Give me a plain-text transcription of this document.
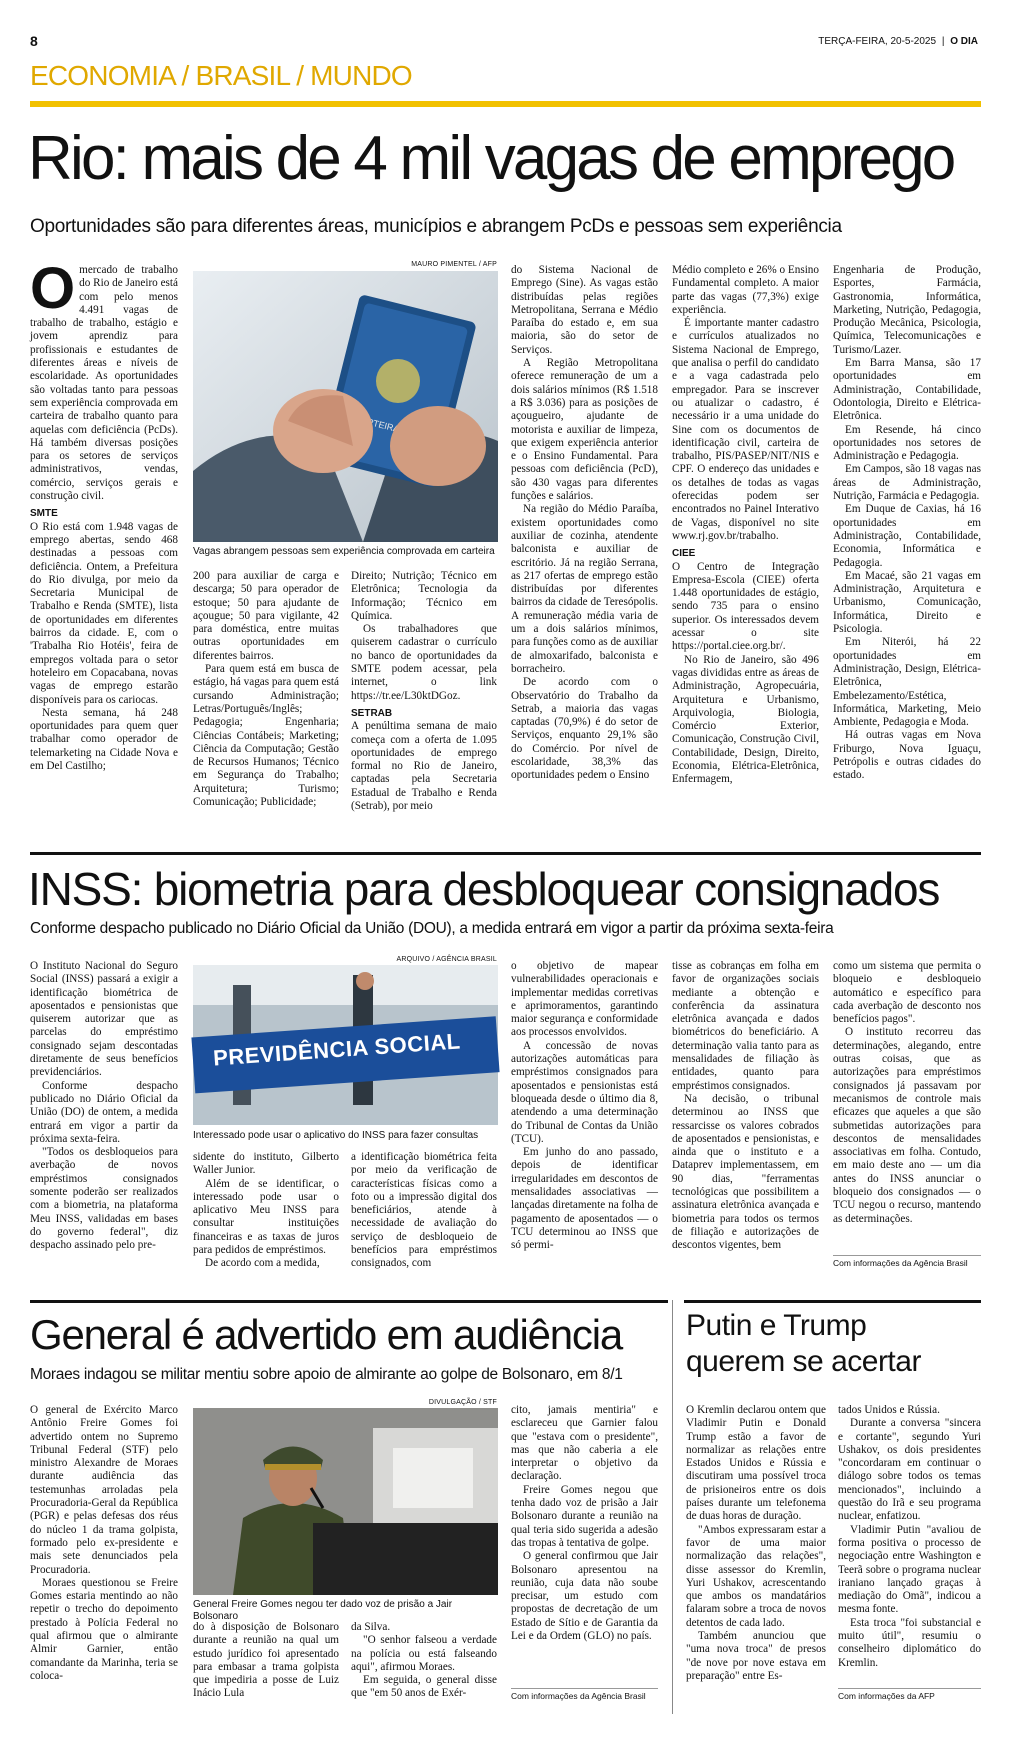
8	TERÇA-FEIRA, 20-5-2025 | O DIA
ECONOMIA / BRASIL / MUNDO
Rio: mais de 4 mil vagas de emprego
Oportunidades são para diferentes áreas, municípios e abrangem PcDs e pessoas sem experiência

Omercado de trabalho do Rio de Janeiro está com pelo menos 4.491 vagas de trabalho de trabalho, estágio e jovem aprendiz para profissionais e estudantes de diferentes áreas e níveis de escolaridade. As oportunidades são voltadas tanto para pessoas sem experiência comprovada em carteira de trabalho quanto para aquelas com deficiência (PcDs). Há também diversas posições para os setores de serviços administrativos, vendas, comércio, serviços gerais e construção civil.

SMTE

O Rio está com 1.948 vagas de emprego abertas, sendo 468 destinadas a pessoas com deficiência. Ontem, a Prefeitura do Rio divulga, por meio da Secretaria Municipal de Trabalho e Renda (SMTE), lista de oportunidades em diferentes bairros da cidade. E, com o 'Trabalha Rio Hotéis', feira de empregos voltada para o setor hoteleiro em Copacabana, novas vagas de emprego estarão disponíveis para os cariocas.

Nesta semana, há 248 oportunidades para quem quer trabalhar como operador de telemarketing na Cidade Nova e em Del Castilho;

MAURO PIMENTEL / AFP
CARTEIRA
Vagas abrangem pessoas sem experiência comprovada em carteira

200 para auxiliar de carga e descarga; 50 para operador de estoque; 50 para ajudante de açougue; 50 para vigilante, 42 para doméstica, entre muitas outras oportunidades em diferentes bairros.

Para quem está em busca de estágio, há vagas para quem está cursando Administração; Letras/Português/Inglês; Pedagogia; Engenharia; Ciências Contábeis; Marketing; Ciência da Computação; Gestão de Recursos Humanos; Técnico em Segurança do Trabalho; Arquitetura; Turismo; Comunicação; Publicidade;

Direito; Nutrição; Técnico em Eletrônica; Tecnologia da Informação; Técnico em Química.

Os trabalhadores que quiserem cadastrar o currículo no banco de oportunidades da SMTE podem acessar, pela internet, o link https://tr.ee/L30ktDGoz.

SETRAB

A penúltima semana de maio começa com a oferta de 1.095 oportunidades de emprego formal no Rio de Janeiro, captadas pela Secretaria Estadual de Trabalho e Renda (Setrab), por meio

do Sistema Nacional de Emprego (Sine). As vagas estão distribuídas pelas regiões Metropolitana, Serrana e Médio Paraíba do estado e, em sua maioria, são do setor de Serviços.

A Região Metropolitana oferece remuneração de um a dois salários mínimos (R$ 1.518 a R$ 3.036) para as posições de açougueiro, ajudante de motorista e auxiliar de limpeza, que exigem experiência anterior e o Ensino Fundamental. Para pessoas com deficiência (PcD), são 430 vagas para diferentes funções e salários.

Na região do Médio Paraíba, existem oportunidades como auxiliar de cozinha, atendente balconista e auxiliar de escritório. Já na região Serrana, as 217 ofertas de emprego estão distribuídas por diferentes bairros da cidade de Teresópolis. A remuneração média varia de um a dois salários mínimos, para funções como as de auxiliar de almoxarifado, balconista e borracheiro.

De acordo com o Observatório do Trabalho da Setrab, a maioria das vagas captadas (70,9%) é do setor de Serviços, enquanto 29,1% são do Comércio. Por nível de escolaridade, 38,3% das oportunidades pedem o Ensino

Médio completo e 26% o Ensino Fundamental completo. A maior parte das vagas (77,3%) exige experiência.

É importante manter cadastro e currículos atualizados no Sistema Nacional de Emprego, que analisa o perfil do candidato e a vaga cadastrada pelo empregador. Para se inscrever ou atualizar o cadastro, é necessário ir a uma unidade do Sine com os documentos de identificação civil, carteira de trabalho, PIS/PASEP/NIT/NIS e CPF. O endereço das unidades e os detalhes de todas as vagas oferecidas podem ser encontrados no Painel Interativo de Vagas, disponível no site www.rj.gov.br/trabalho.

CIEE

O Centro de Integração Empresa-Escola (CIEE) oferta 1.448 oportunidades de estágio, sendo 735 para o ensino superior. Os interessados devem acessar o site https://portal.ciee.org.br/.

No Rio de Janeiro, são 496 vagas divididas entre as áreas de Administração, Agropecuária, Arquitetura e Urbanismo, Arquivologia, Biologia, Comércio Exterior, Comunicação, Construção Civil, Contabilidade, Design, Direito, Economia, Elétrica-Eletrônica, Enfermagem,

Engenharia de Produção, Esportes, Farmácia, Gastronomia, Informática, Marketing, Nutrição, Pedagogia, Produção Mecânica, Psicologia, Química, Telecomunicações e Turismo/Lazer.

Em Barra Mansa, são 17 oportunidades em Administração, Contabilidade, Odontologia, Direito e Elétrica-Eletrônica.

Em Resende, há cinco oportunidades nos setores de Administração e Pedagogia.

Em Campos, são 18 vagas nas áreas de Administração, Nutrição, Farmácia e Pedagogia.

Em Duque de Caxias, há 16 oportunidades em Administração, Contabilidade, Economia, Informática e Pedagogia.

Em Macaé, são 21 vagas em Administração, Arquitetura e Urbanismo, Comunicação, Informática, Direito e Psicologia.

Em Niterói, há 22 oportunidades em Administração, Design, Elétrica-Eletrônica, Embelezamento/Estética, Informática, Marketing, Meio Ambiente, Pedagogia e Moda.

Há outras vagas em Nova Friburgo, Nova Iguaçu, Petrópolis e outras cidades do estado.

INSS: biometria para desbloquear consignados
Conforme despacho publicado no Diário Oficial da União (DOU), a medida entrará em vigor a partir da próxima sexta-feira

O Instituto Nacional do Seguro Social (INSS) passará a exigir a identificação biométrica de aposentados e pensionistas que quiserem autorizar que as parcelas do empréstimo consignado sejam descontadas diretamente de seus benefícios previdenciários.

Conforme despacho publicado no Diário Oficial da União (DO) de ontem, a medida entrará em vigor a partir da próxima sexta-feira.

"Todos os desbloqueios para averbação de novos empréstimos consignados somente poderão ser realizados com a biometria, na plataforma Meu INSS, validadas em bases do governo federal", diz despacho assinado pelo pre-

ARQUIVO / AGÊNCIA BRASIL
PREVIDÊNCIA SOCIAL
Interessado pode usar o aplicativo do INSS para fazer consultas

sidente do instituto, Gilberto Waller Junior.

Além de se identificar, o interessado pode usar o aplicativo Meu INSS para consultar instituições financeiras e as taxas de juros para pedidos de empréstimos.

De acordo com a medida,

a identificação biométrica feita por meio da verificação de características físicas como a foto ou a impressão digital dos beneficiários, atende à necessidade de avaliação do serviço de desbloqueio de benefícios para empréstimos consignados, com

o objetivo de mapear vulnerabilidades operacionais e implementar medidas corretivas e aprimoramentos, garantindo maior segurança e conformidade aos processos envolvidos.

A concessão de novas autorizações automáticas para empréstimos consignados para aposentados e pensionistas está bloqueada desde o último dia 8, atendendo a uma determinação do Tribunal de Contas da União (TCU).

Em junho do ano passado, depois de identificar irregularidades em descontos de mensalidades associativas — lançadas diretamente na folha de pagamento de aposentados — o TCU determinou ao INSS que só permi-

tisse as cobranças em folha em favor de organizações sociais mediante a obtenção e conferência da assinatura eletrônica avançada e dados biométricos do beneficiário. A determinação valia tanto para as mensalidades de filiação às entidades, quanto para empréstimos consignados.

Na decisão, o tribunal determinou ao INSS que ressarcisse os valores cobrados de aposentados e pensionistas, e ainda que o instituto e a Dataprev implementassem, em 90 dias, "ferramentas tecnológicas que possibilitem a assinatura eletrônica avançada e biometria para todos os termos de filiação e autorizações de descontos vigentes, bem

como um sistema que permita o bloqueio e desbloqueio automático e específico para cada averbação de desconto nos benefícios pagos".

O instituto recorreu das determinações, alegando, entre outras coisas, que as autorizações para empréstimos consignados já passavam por mecanismos de controle mais eficazes que aqueles a que são submetidas autorizações para descontos de mensalidades associativas em folha. Contudo, em maio deste ano — um dia antes do INSS anunciar o bloqueio dos consignados — o TCU negou o recurso, mantendo as determinações.

Com informações da Agência Brasil
General é advertido em audiência
Moraes indagou se militar mentiu sobre apoio de almirante ao golpe de Bolsonaro, em 8/1

O general de Exército Marco Antônio Freire Gomes foi advertido ontem no Supremo Tribunal Federal (STF) pelo ministro Alexandre de Moraes durante audiência das testemunhas arroladas pela Procuradoria-Geral da República (PGR) e pelas defesas dos réus do núcleo 1 da trama golpista, formado pelo ex-presidente e mais sete denunciados pela Procuradoria.

Moraes questionou se Freire Gomes estaria mentindo ao não repetir o trecho do depoimento prestado à Polícia Federal no qual afirmou que o almirante Almir Garnier, então comandante da Marinha, teria se coloca-

DIVULGAÇÃO / STF
General Freire Gomes negou ter dado voz de prisão a Jair Bolsonaro

do à disposição de Bolsonaro durante a reunião na qual um estudo jurídico foi apresentado para embasar a trama golpista que impediria a posse de Luiz Inácio Lula

da Silva.

"O senhor falseou a verdade na polícia ou está falseando aqui", afirmou Moraes.

Em seguida, o general disse que "em 50 anos de Exér-

cito, jamais mentiria" e esclareceu que Garnier falou que "estava com o presidente", mas que não caberia a ele interpretar o objetivo da declaração.

Freire Gomes negou que tenha dado voz de prisão a Jair Bolsonaro durante a reunião na qual teria sido sugerida a adesão das tropas à tentativa de golpe.

O general confirmou que Jair Bolsonaro apresentou na reunião, cuja data não soube precisar, um estudo com propostas de decretação de um Estado de Sítio e de Garantia da Lei e da Ordem (GLO) no país.

Com informações da Agência Brasil
Putin e Trump
querem se acertar

O Kremlin declarou ontem que Vladimir Putin e Donald Trump estão a favor de normalizar as relações entre Estados Unidos e Rússia e discutiram uma possível troca de prisioneiros entre os dois países durante um telefonema de duas horas de duração.

"Ambos expressaram estar a favor de uma maior normalização das relações", disse assessor do Kremlin, Yuri Ushakov, acrescentando que ambos os mandatários falaram sobre a troca de novos detentos de cada lado.

Também anunciou que "uma nova troca" de presos "de nove por nove estava em preparação" entre Es-

tados Unidos e Rússia.

Durante a conversa "sincera e cortante", segundo Yuri Ushakov, os dois presidentes "concordaram em continuar o diálogo sobre todos os temas mencionados", incluindo a questão do Irã e seu programa nuclear, enfatizou.

Vladimir Putin "avaliou de forma positiva o processo de negociação entre Washington e Teerã sobre o programa nuclear iraniano lançado graças à mediação do Omã", indicou a mesma fonte.

Esta troca "foi substancial e muito útil", resumiu o conselheiro diplomático do Kremlin.

Com informações da AFP
